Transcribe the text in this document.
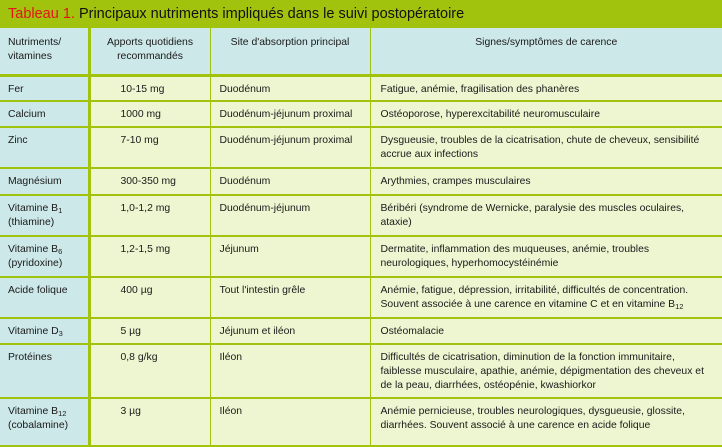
Tableau 1. Principaux nutriments impliqués dans le suivi postopératoire
Nutriments/ vitamines	Apports quotidiens recommandés	Site d'absorption principal	Signes/symptômes de carence
Fer	10-15 mg	Duodénum	Fatigue, anémie, fragilisation des phanères
Calcium	1000 mg	Duodénum-jéjunum proximal	Ostéoporose, hyperexcitabilité neuromusculaire
Zinc	7-10 mg	Duodénum-jéjunum proximal	Dysgueusie, troubles de la cicatrisation, chute de cheveux, sensibilité accrue aux infections
Magnésium	300-350 mg	Duodénum	Arythmies, crampes musculaires
Vitamine $B_1$
(thiamine)	1,0-1,2 mg	Duodénum-jéjunum	Béribéri (syndrome de Wernicke, paralysie des muscles oculaires, ataxie)
Vitamine $B_6$
(pyridoxine)	1,2-1,5 mg	Jéjunum	Dermatite, inflammation des muqueuses, anémie, troubles neurologiques, hyperhomocystéinémie
Acide folique	400 µg	Tout l'intestin grêle	Anémie, fatigue, dépression, irritabilité, difficultés de concentration. Souvent associée à une carence en vitamine C et en vitamine $B_{12}$
Vitamine $D_3$	5 µg	Jéjunum et iléon	Ostéomalacie
Protéines	0,8 g/kg	Iléon	Difficultés de cicatrisation, diminution de la fonction immunitaire, faiblesse musculaire, apathie, anémie, dépigmentation des cheveux et de la peau, diarrhées, ostéopénie, kwashiorkor
Vitamine $B_{12}$
(cobalamine)	3 µg	Iléon	Anémie pernicieuse, troubles neurologiques, dysgueusie, glossite, diarrhées. Souvent associé à une carence en acide folique
